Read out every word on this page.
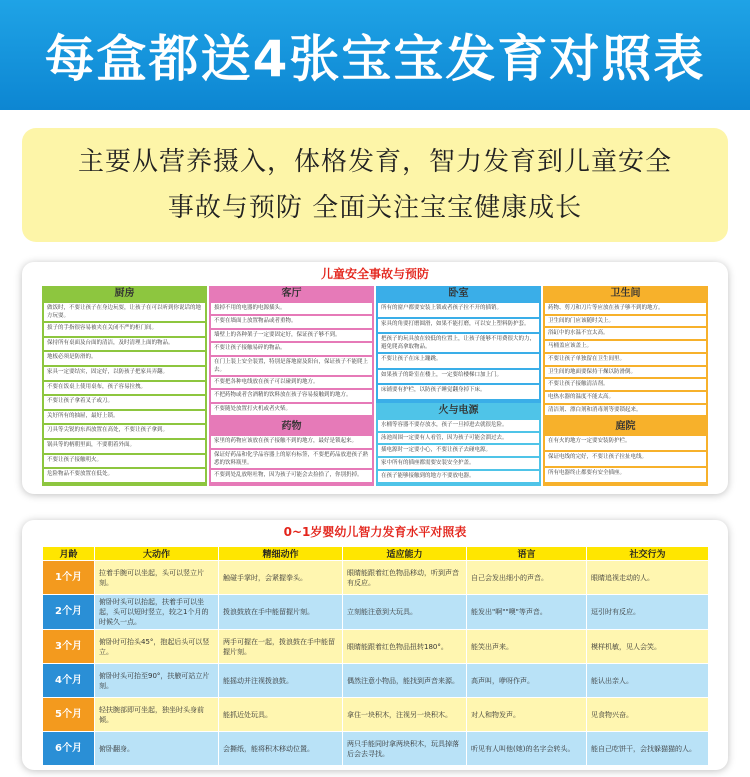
每盒都送4张宝宝发育对照表
主要从营养摄入，体格发育，智力发育到儿童安全
事故与预防 全面关注宝宝健康成长
儿童安全事故与预防
厨房
做饭时，不要让孩子在身边玩耍，让孩子在可以听到你说话的地方玩耍。
拔子的手指很容易被夹在关闭不严的柜门间。
保持所有桌面及台面的清洁，及时清理上面的物品。
地板必须是防滑的。
家具一定要结实，固定好，以防孩子把家具弄翻。
不要在饭桌上使用桌布，孩子容易拉拽。
不要让孩子拿着叉子或刀。
关好所有的抽屉，最好上锁。
刀具等尖锐的东西放置在高处，不要让孩子拿到。
锅具等的柄朝里面，不要朝着外面。
不要让孩子接触明火。
危险物品不要放置在低处。
客厅
拔掉不用的电器的电源插头。
不要在墙面上放置物品或者重物。
墙壁上的各种架子一定要固定好，保证孩子够不到。
不要让孩子接触易碎的物品。
在门上装上安全装置，特别是落地窗及阳台，保证孩子不能爬上去。
不要把各种电线放在孩子可以碰到的地方。
不把药物或者含酒精的饮料放在孩子容易接触到的地方。
不要随处放置打火机或者火柴。
药物
家里的药物应该放在孩子接触不到的地方，最好是锁起来。
保证好药品和化学品容器上的原有标签，不要把药品放进孩子熟悉的饮料瓶里。
不要到处乱放呕吐物，因为孩子可能会去捡拾了，你别扔掉。
卧室
所有的窗户都要安装上锁或者孩子拉不开的插销。
家具的角要打磨圆滑，如果不能打磨，可以安上塑料防护套。
把孩子的玩具放在较低的位置上，让孩子能够不用费很大的力，避免爬高拿取物品。
不要让孩子在床上蹦跳。
如果孩子的卧室在楼上，一定要给楼梯口加上门。
床铺要有护栏，以防孩子睡觉翻身掉下床。
火与电源
水桶等容器不要存放水，孩子一旦掉进去就很危险。
泳池周围一定要有人看管，因为孩子可能会溜过去。
插电源时一定要小心，不要让孩子去碰电源。
家中所有的插座都需要安装安全护盖。
在孩子能够接触到的地方不要放电器。
卫生间
药物、剪刀和刀片等应放在孩子够不到的地方。
卫生间的门应该随时关上。
浴缸中的水温不宜太高。
马桶盖应该盖上。
不要让孩子单独留在卫生间里。
卫生间的地面要保持干燥以防滑倒。
不要让孩子接触清洁剂。
电热水器的温度不能太高。
清洁剂、漂白剂和消毒剂等要锁起来。
庭院
在有火的地方一定要安装防护栏。
保证电线的完好，不要让孩子拉扯电线。
所有电器终止都要有安全插座。
0~1岁婴幼儿智力发育水平对照表
月龄	大动作	精细动作	适应能力	语言	社交行为
1个月	拉着手腕可以坐起，头可以竖立片刻。	触碰手掌时，会紧握拳头。	眼睛能跟着红色物品移动，听到声音有反应。	自己会发出细小的声音。	眼睛追视走动的人。
2个月	俯卧时头可以抬起，扶着手可以坐起，头可以短时竖立，较之1个月的时候久一点。	拨浪鼓放在手中能留握片刻。	立刻能注意到大玩具。	能发出"啊""噢"等声音。	逗引时有反应。
3个月	俯卧时可抬头45°，抱起后头可以竖立。	两手可握在一起，拨浪鼓在手中能留握片刻。	眼睛能跟着红色物品扭转180°。	能笑出声来。	模样机敏，见人会笑。
4个月	俯卧时头可抬至90°，扶腋可站立片刻。	能摇动并注视拨浪鼓。	偶然注意小物品，能找到声音来源。	高声叫，咿呀作声。	能认出亲人。
5个月	轻扶腕部即可坐起，独坐时头身前倾。	能抓近处玩具。	拿住一块积木，注视另一块积木。	对人和物发声。	见食物兴奋。
6个月	俯卧翻身。	会撕纸，能将积木移动位置。	两只手能同时拿两块积木，玩具掉落后会去寻找。	听见有人叫他(她)的名字会转头。	能自己吃饼干，会找躲猫猫的人。
